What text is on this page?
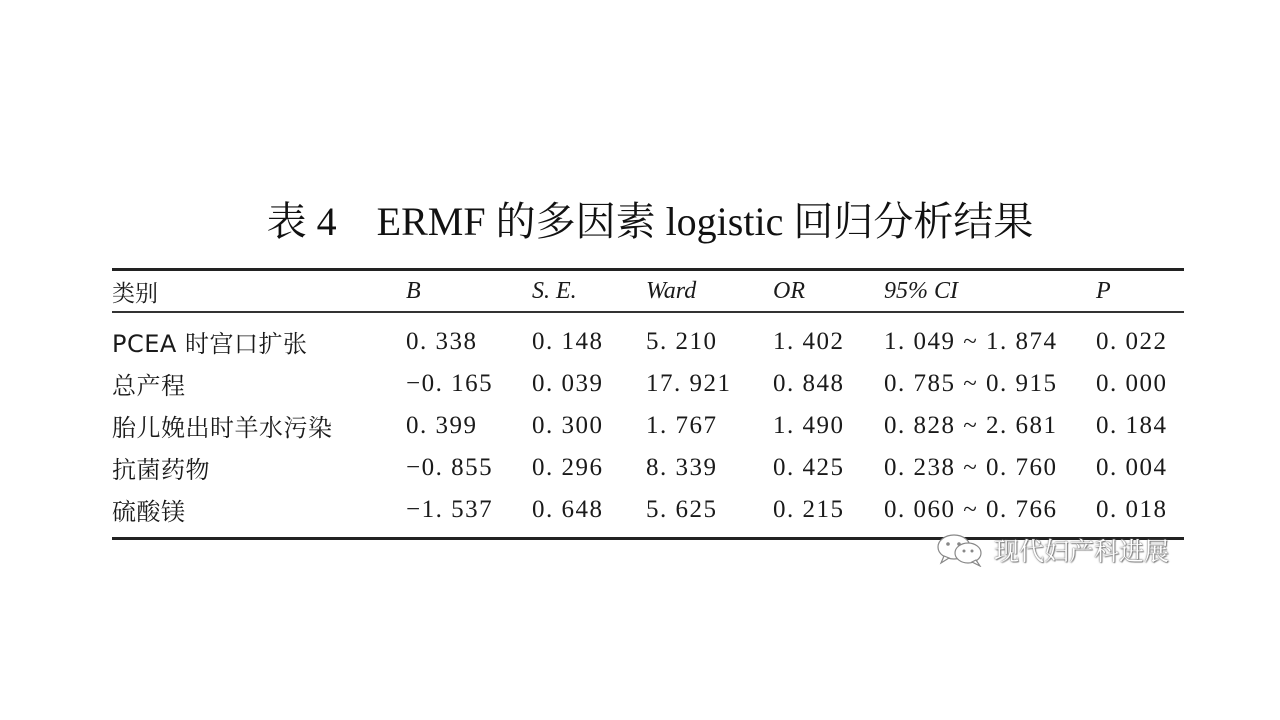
表 4 ERMF 的多因素 logistic 回归分析结果
类别	B	S. E.	Ward	OR	95% CI	P

PCEA 时宫口扩张	0. 338	0. 148	5. 210	1. 402	1. 049 ~ 1. 874	0. 022
总产程	−0. 165	0. 039	17. 921	0. 848	0. 785 ~ 0. 915	0. 000
胎儿娩出时羊水污染	0. 399	0. 300	1. 767	1. 490	0. 828 ~ 2. 681	0. 184
抗菌药物	−0. 855	0. 296	8. 339	0. 425	0. 238 ~ 0. 760	0. 004
硫酸镁	−1. 537	0. 648	5. 625	0. 215	0. 060 ~ 0. 766	0. 018
现代妇产科进展
